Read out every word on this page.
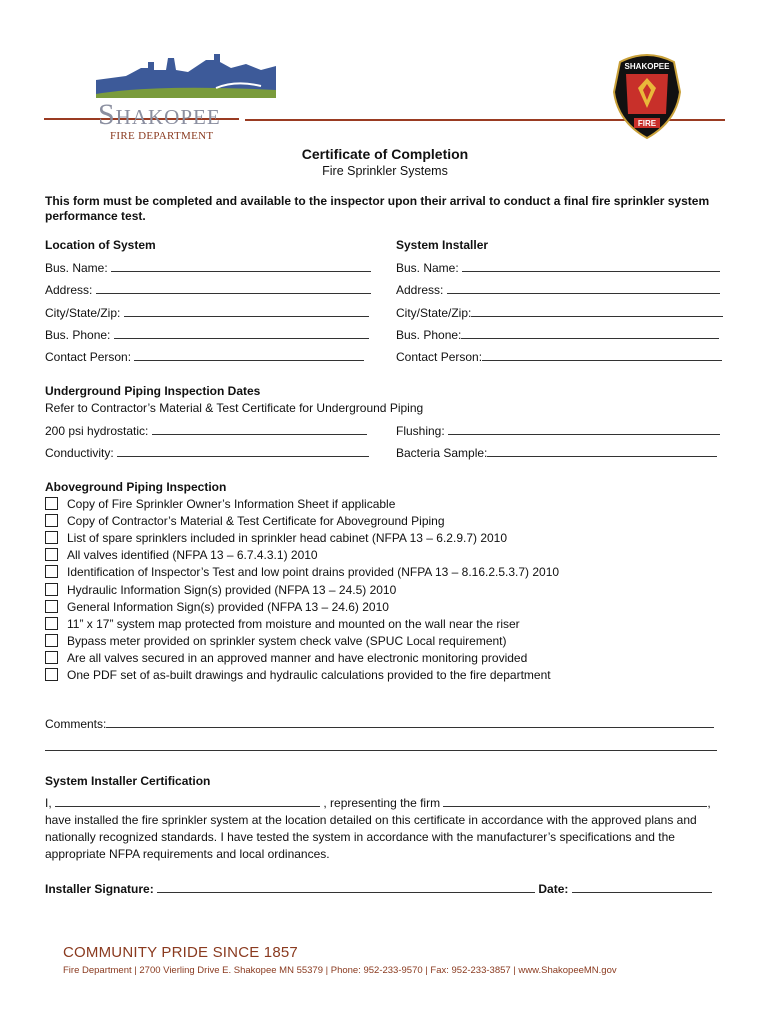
Shakopee
FIRE DEPARTMENT
SHAKOPEE
FIRE
Certificate of Completion
Fire Sprinkler Systems
This form must be completed and available to the inspector upon their arrival to conduct a final fire sprinkler system performance test.
Location of System	System Installer
Bus. Name:	Bus. Name:
Address:	Address:
City/State/Zip:	City/State/Zip:
Bus. Phone:	Bus. Phone:
Contact Person:	Contact Person:
Underground Piping Inspection Dates
Refer to Contractor’s Material & Test Certificate for Underground Piping
200 psi hydrostatic:	Flushing:
Conductivity:	Bacteria Sample:
Aboveground Piping Inspection
Copy of Fire Sprinkler Owner’s Information Sheet if applicable
Copy of Contractor’s Material & Test Certificate for Aboveground Piping
List of spare sprinklers included in sprinkler head cabinet (NFPA 13 – 6.2.9.7) 2010
All valves identified (NFPA 13 – 6.7.4.3.1) 2010
Identification of Inspector’s Test and low point drains provided (NFPA 13 – 8.16.2.5.3.7) 2010
Hydraulic Information Sign(s) provided (NFPA 13 – 24.5) 2010
General Information Sign(s) provided (NFPA 13 – 24.6) 2010
11” x 17” system map protected from moisture and mounted on the wall near the riser
Bypass meter provided on sprinkler system check valve (SPUC Local requirement)
Are all valves secured in an approved manner and have electronic monitoring provided
One PDF set of as-built drawings and hydraulic calculations provided to the fire department
Comments:
System Installer Certification
I,	, representing the firm	,
have installed the fire sprinkler system at the location detailed on this certificate in accordance with the approved plans and nationally recognized standards. I have tested the system in accordance with the manufacturer’s specifications and the appropriate NFPA requirements and local ordinances.
Installer Signature:	Date:
COMMUNITY PRIDE SINCE 1857
Fire Department | 2700 Vierling Drive E. Shakopee MN 55379 | Phone: 952-233-9570 | Fax: 952-233-3857 | www.ShakopeeMN.gov
